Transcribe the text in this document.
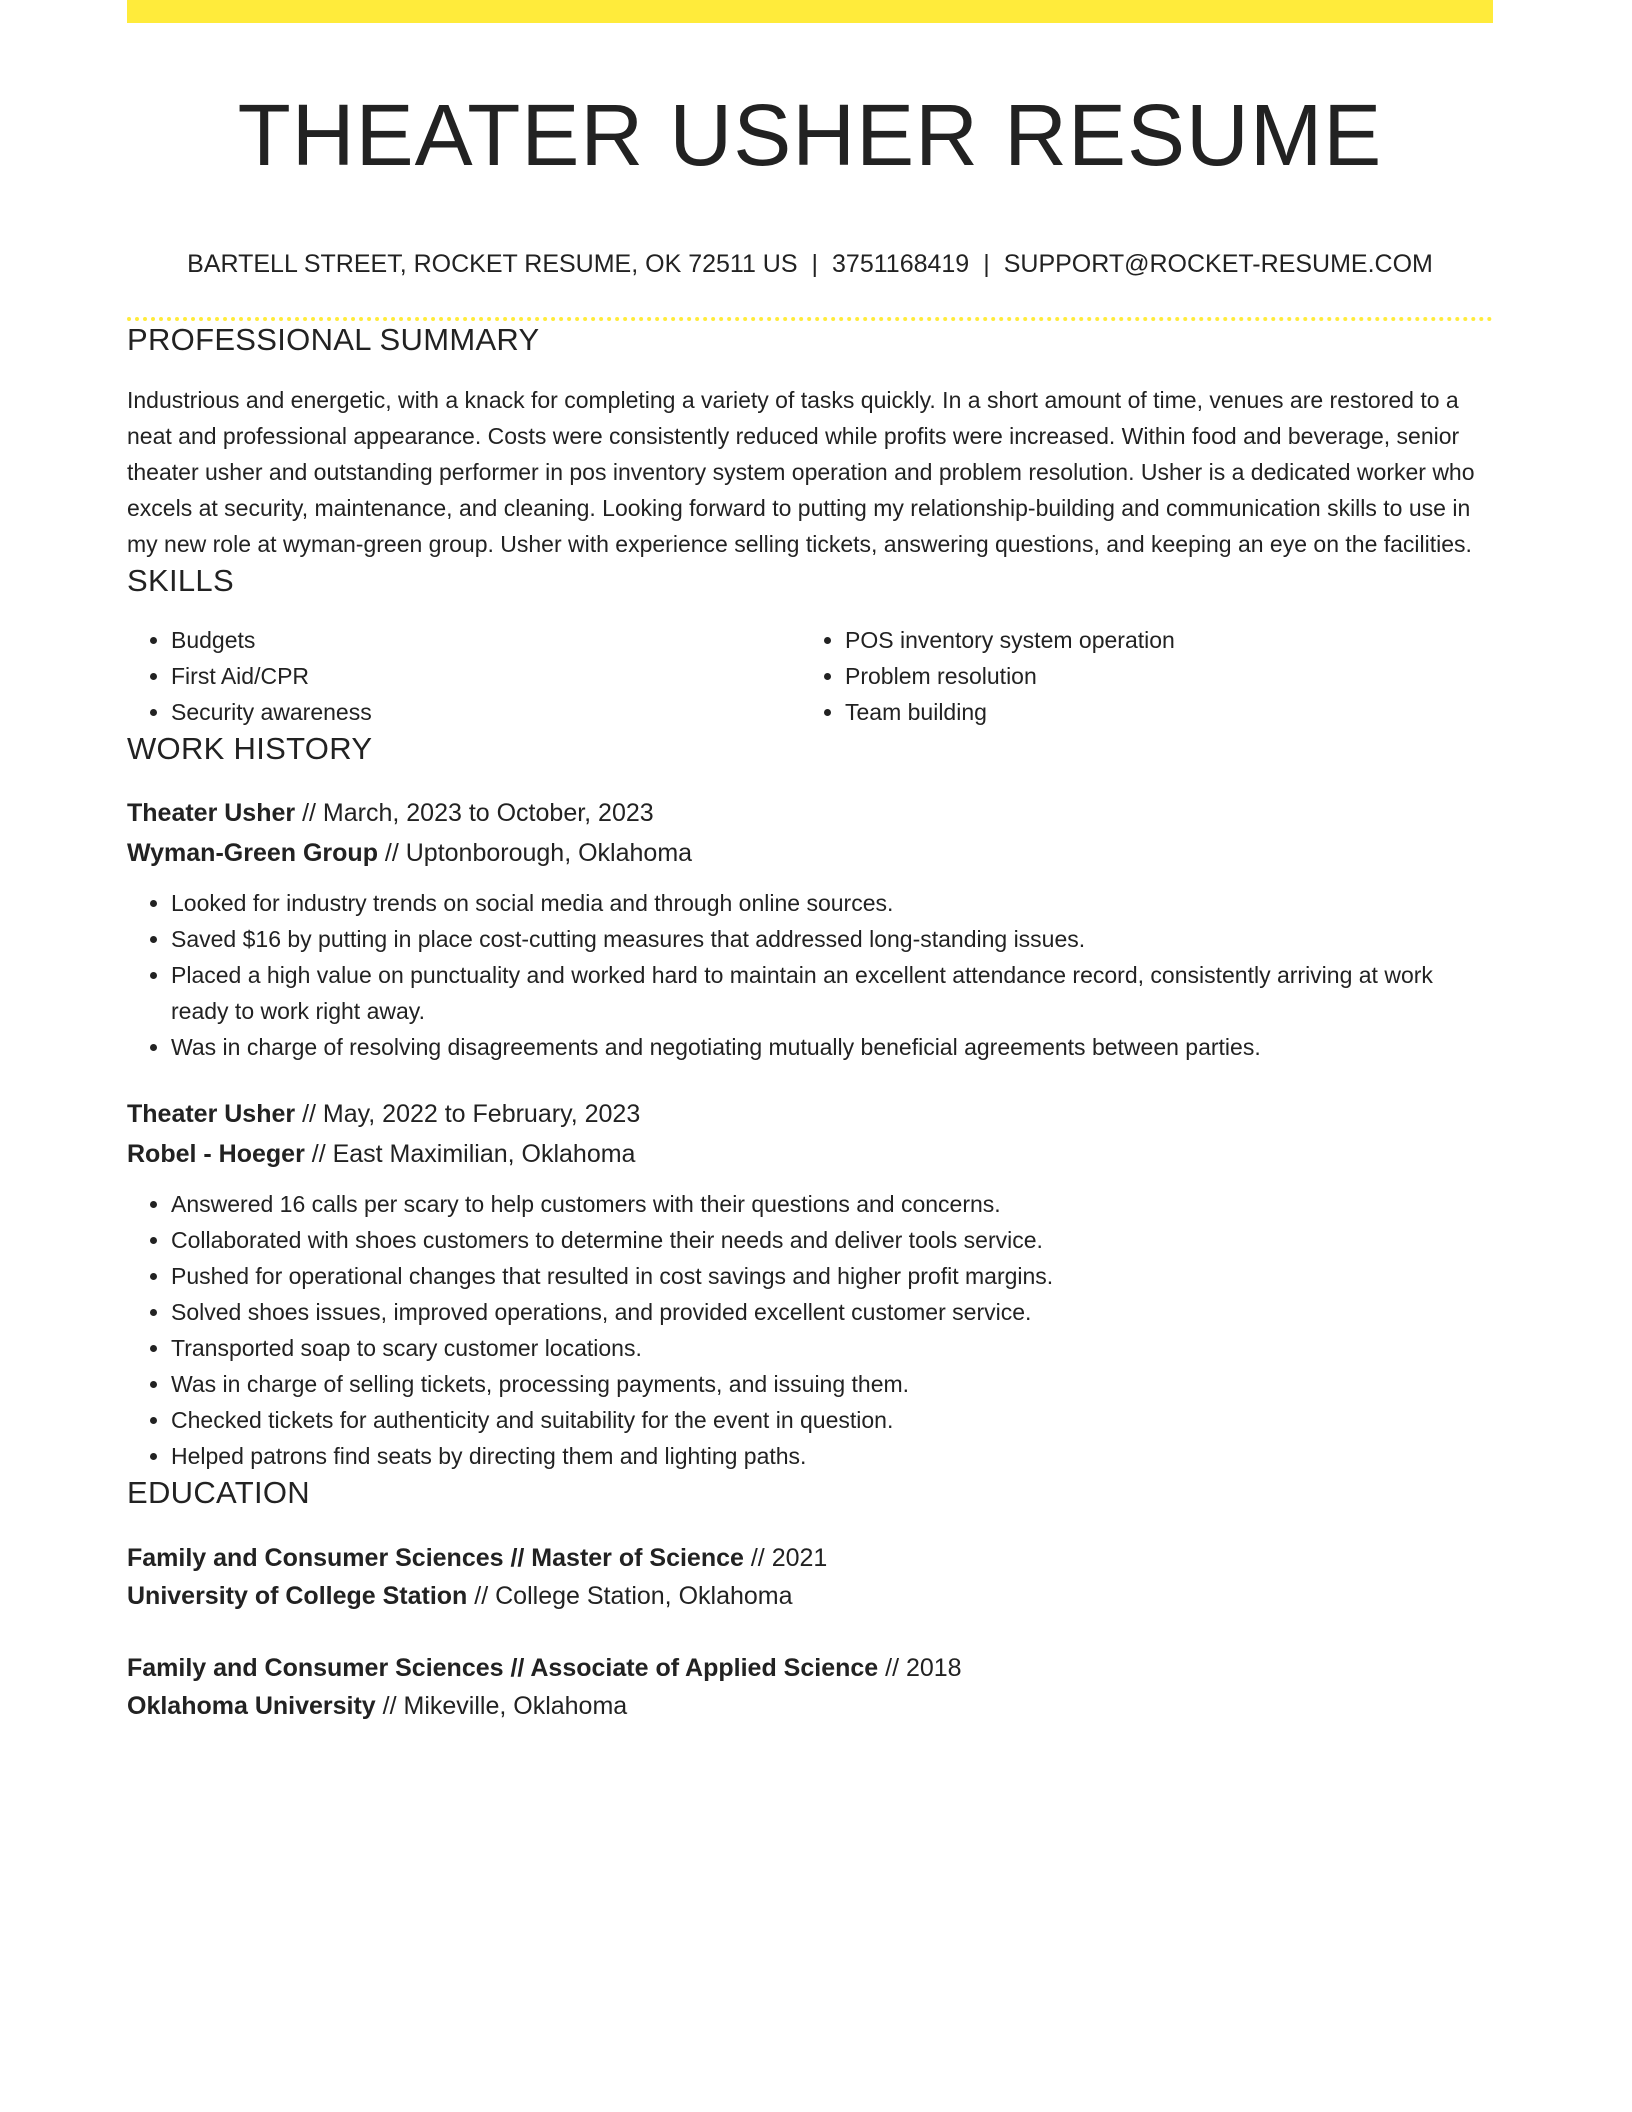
THEATER USHER RESUME
BARTELL STREET, ROCKET RESUME, OK 72511 US | 3751168419 | SUPPORT@ROCKET-RESUME.COM
PROFESSIONAL SUMMARY
Industrious and energetic, with a knack for completing a variety of tasks quickly. In a short amount of time, venues are restored to a neat and professional appearance. Costs were consistently reduced while profits were increased. Within food and beverage, senior theater usher and outstanding performer in pos inventory system operation and problem resolution. Usher is a dedicated worker who excels at security, maintenance, and cleaning. Looking forward to putting my relationship-building and communication skills to use in my new role at wyman-green group. Usher with experience selling tickets, answering questions, and keeping an eye on the facilities.
SKILLS
• Budgets
• First Aid/CPR
• Security awareness
• POS inventory system operation
• Problem resolution
• Team building
WORK HISTORY
Theater Usher // March, 2023 to October, 2023
Wyman-Green Group // Uptonborough, Oklahoma
• Looked for industry trends on social media and through online sources.
• Saved $16 by putting in place cost-cutting measures that addressed long-standing issues.
• Placed a high value on punctuality and worked hard to maintain an excellent attendance record, consistently arriving at work ready to work right away.
• Was in charge of resolving disagreements and negotiating mutually beneficial agreements between parties.
Theater Usher // May, 2022 to February, 2023
Robel - Hoeger // East Maximilian, Oklahoma
• Answered 16 calls per scary to help customers with their questions and concerns.
• Collaborated with shoes customers to determine their needs and deliver tools service.
• Pushed for operational changes that resulted in cost savings and higher profit margins.
• Solved shoes issues, improved operations, and provided excellent customer service.
• Transported soap to scary customer locations.
• Was in charge of selling tickets, processing payments, and issuing them.
• Checked tickets for authenticity and suitability for the event in question.
• Helped patrons find seats by directing them and lighting paths.
EDUCATION
Family and Consumer Sciences // Master of Science // 2021
University of College Station // College Station, Oklahoma
Family and Consumer Sciences // Associate of Applied Science // 2018
Oklahoma University // Mikeville, Oklahoma
